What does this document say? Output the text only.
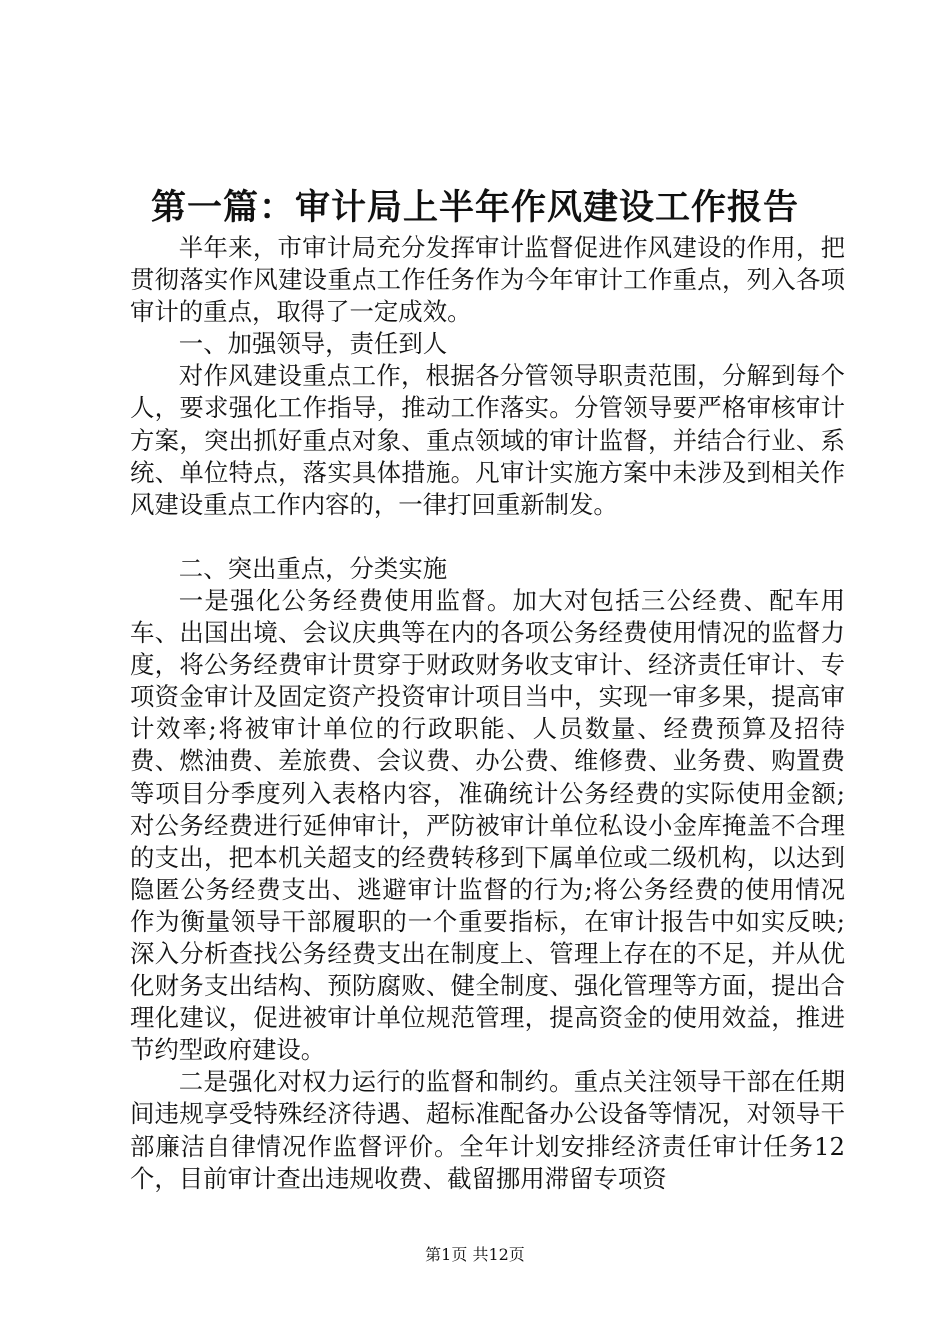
第一篇：审计局上半年作风建设工作报告

半年来，市审计局充分发挥审计监督促进作风建设的作用，把贯彻落实作风建设重点工作任务作为今年审计工作重点，列入各项审计的重点，取得了一定成效。

一、加强领导，责任到人

对作风建设重点工作，根据各分管领导职责范围，分解到每个人，要求强化工作指导，推动工作落实。分管领导要严格审核审计方案，突出抓好重点对象、重点领域的审计监督，并结合行业、系统、单位特点，落实具体措施。凡审计实施方案中未涉及到相关作风建设重点工作内容的，一律打回重新制发。

二、突出重点，分类实施

一是强化公务经费使用监督。加大对包括三公经费、配车用车、出国出境、会议庆典等在内的各项公务经费使用情况的监督力度，将公务经费审计贯穿于财政财务收支审计、经济责任审计、专项资金审计及固定资产投资审计项目当中，实现一审多果，提高审计效率;将被审计单位的行政职能、人员数量、经费预算及招待费、燃油费、差旅费、会议费、办公费、维修费、业务费、购置费等项目分季度列入表格内容，准确统计公务经费的实际使用金额;对公务经费进行延伸审计，严防被审计单位私设小金库掩盖不合理的支出，把本机关超支的经费转移到下属单位或二级机构，以达到隐匿公务经费支出、逃避审计监督的行为;将公务经费的使用情况作为衡量领导干部履职的一个重要指标，在审计报告中如实反映;深入分析查找公务经费支出在制度上、管理上存在的不足，并从优化财务支出结构、预防腐败、健全制度、强化管理等方面，提出合理化建议，促进被审计单位规范管理，提高资金的使用效益，推进节约型政府建设。

二是强化对权力运行的监督和制约。重点关注领导干部在任期间违规享受特殊经济待遇、超标准配备办公设备等情况，对领导干部廉洁自律情况作监督评价。全年计划安排经济责任审计任务12个，目前审计查出违规收费、截留挪用滞留专项资

第1页 共12页
